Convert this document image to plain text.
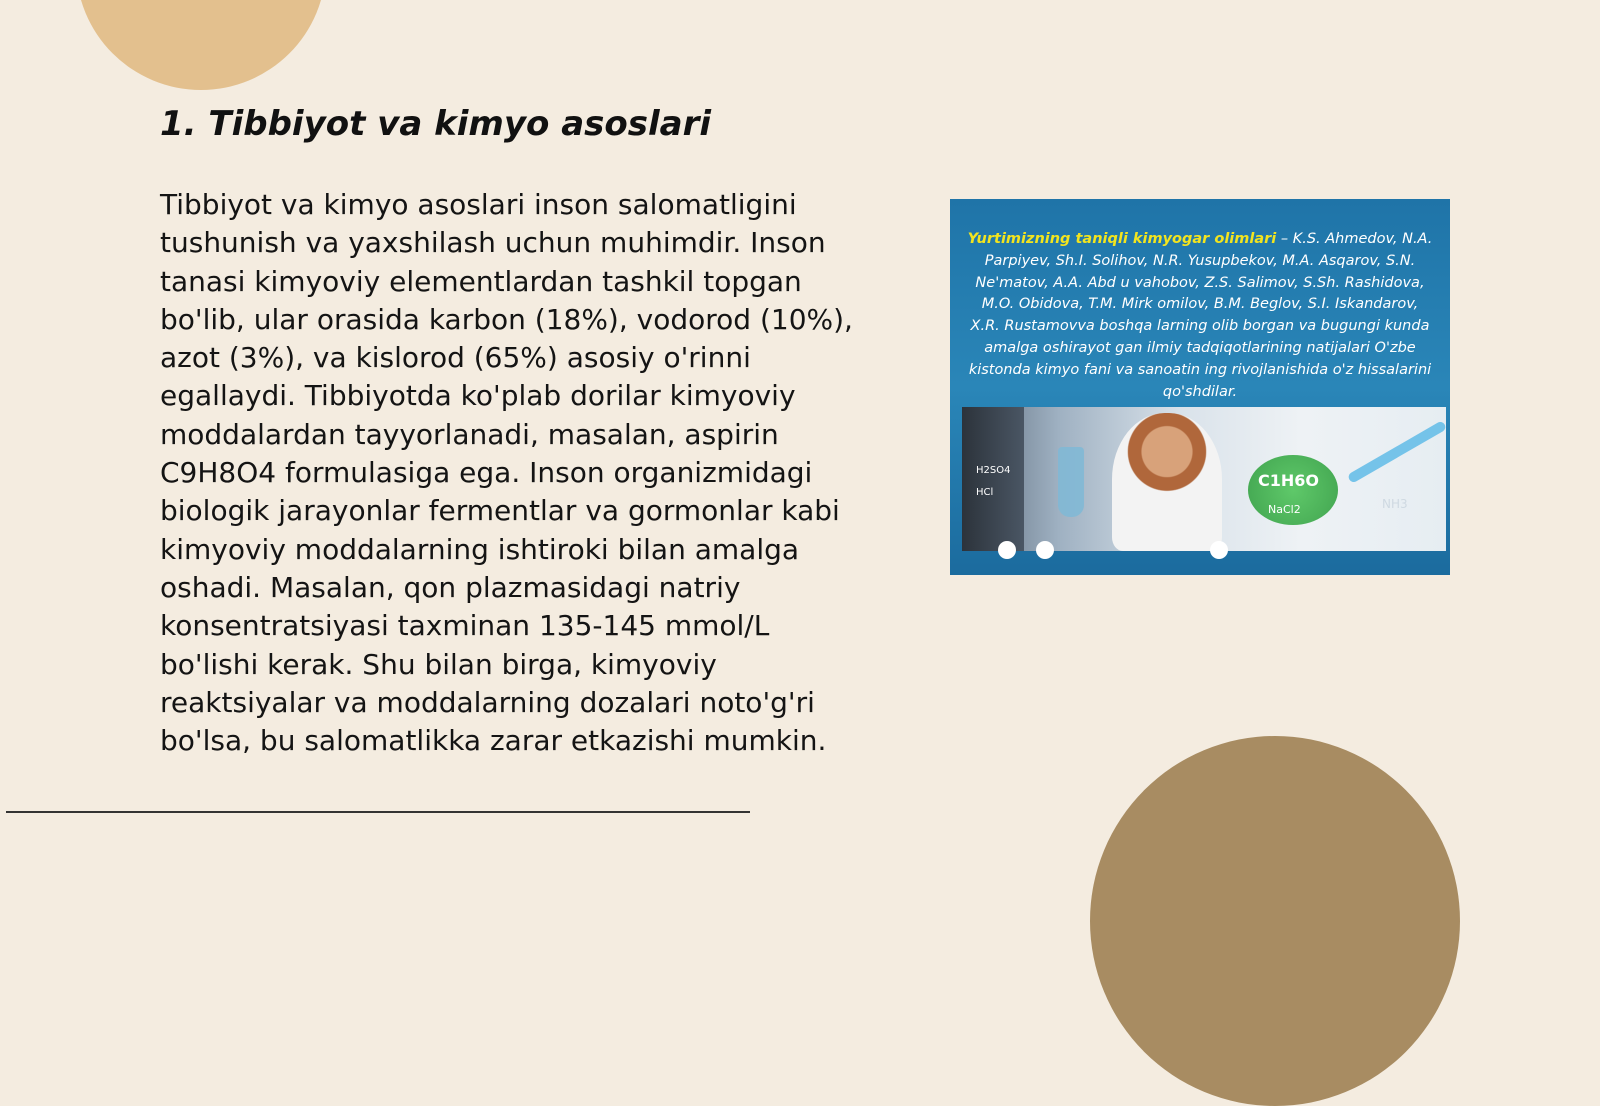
1. Tibbiyot va kimyo asoslari

Tibbiyot va kimyo asoslari inson salomatligini tushunish va yaxshilash uchun muhimdir. Inson tanasi kimyoviy elementlardan tashkil topgan bo'lib, ular orasida karbon (18%), vodorod (10%), azot (3%), va kislorod (65%) asosiy o'rinni egallaydi. Tibbiyotda ko'plab dorilar kimyoviy moddalardan tayyorlanadi, masalan, aspirin C9H8O4 formulasiga ega. Inson organizmidagi biologik jarayonlar fermentlar va gormonlar kabi kimyoviy moddalarning ishtiroki bilan amalga oshadi. Masalan, qon plazmasidagi natriy konsentratsiyasi taxminan 135-145 mmol/L bo'lishi kerak. Shu bilan birga, kimyoviy reaktsiyalar va moddalarning dozalari noto'g'ri bo'lsa, bu salomatlikka zarar etkazishi mumkin.

Yurtimizning taniqli kimyogar olimlari – K.S. Ahmedov, N.A. Parpiyev, Sh.I. Solihov, N.R. Yusupbekov, M.A. Asqarov, S.N. Ne'matov, A.A. Abd u vahobov, Z.S. Salimov, S.Sh. Rashidova, M.O. Obidova, T.M. Mirk omilov, B.M. Beglov, S.I. Iskandarov, X.R. Rustamovva boshqa larning olib borgan va bugungi kunda amalga oshirayot gan ilmiy tadqiqotlarining natijalari O'zbe kistonda kimyo fani va sanoatin ing rivojlanishida o'z hissalarini qo'shdilar.

H2SO4
HCl
C1H6O
NaCl2	NH3
